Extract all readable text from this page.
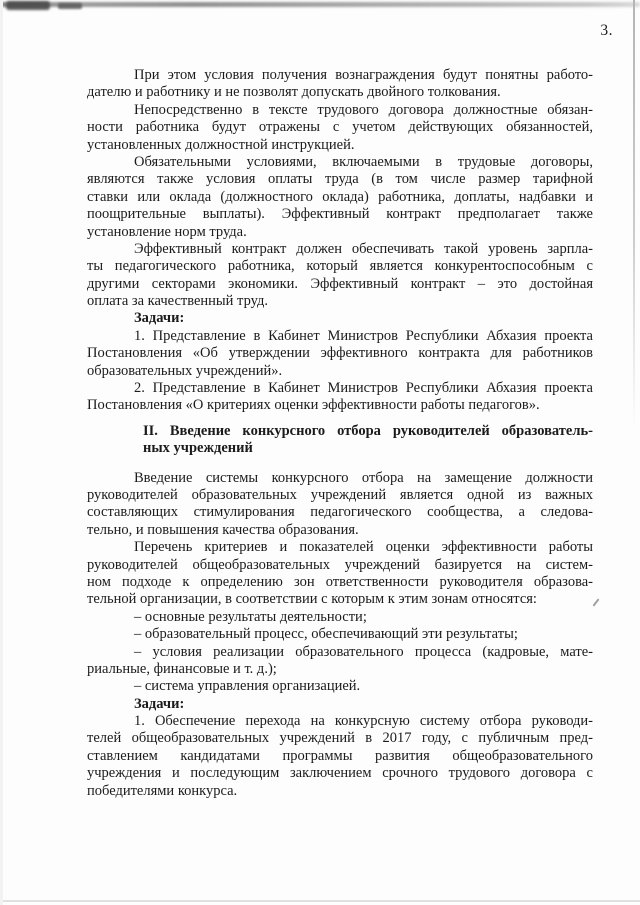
3.
При этом условия получения вознаграждения будут понятны работо-
дателю и работнику и не позволят допускать двойного толкования.
Непосредственно в тексте трудового договора должностные обязан-
ности работника будут отражены с учетом действующих обязанностей,
установленных должностной инструкцией.
Обязательными условиями, включаемыми в трудовые договоры,
являются также условия оплаты труда (в том числе размер тарифной
ставки или оклада (должностного оклада) работника, доплаты, надбавки и
поощрительные выплаты). Эффективный контракт предполагает также
установление норм труда.
Эффективный контракт должен обеспечивать такой уровень зарпла-
ты педагогического работника, который является конкурентоспособным с
другими секторами экономики. Эффективный контракт – это достойная
оплата за качественный труд.
Задачи:
1. Представление в Кабинет Министров Республики Абхазия проекта
Постановления «Об утверждении эффективного контракта для работников
образовательных учреждений».
2. Представление в Кабинет Министров Республики Абхазия проекта
Постановления «О критериях оценки эффективности работы педагогов».
II. Введение конкурсного отбора руководителей образователь-
ных учреждений
Введение системы конкурсного отбора на замещение должности
руководителей образовательных учреждений является одной из важных
составляющих стимулирования педагогического сообщества, а следова-
тельно, и повышения качества образования.
Перечень критериев и показателей оценки эффективности работы
руководителей общеобразовательных учреждений базируется на систем-
ном подходе к определению зон ответственности руководителя образова-
тельной организации, в соответствии с которым к этим зонам относятся:
– основные результаты деятельности;
– образовательный процесс, обеспечивающий эти результаты;
– условия реализации образовательного процесса (кадровые, мате-
риальные, финансовые и т. д.);
– система управления организацией.
Задачи:
1. Обеспечение перехода на конкурсную систему отбора руководи-
телей общеобразовательных учреждений в 2017 году, с публичным пред-
ставлением кандидатами программы развития общеобразовательного
учреждения и последующим заключением срочного трудового договора с
победителями конкурса.
